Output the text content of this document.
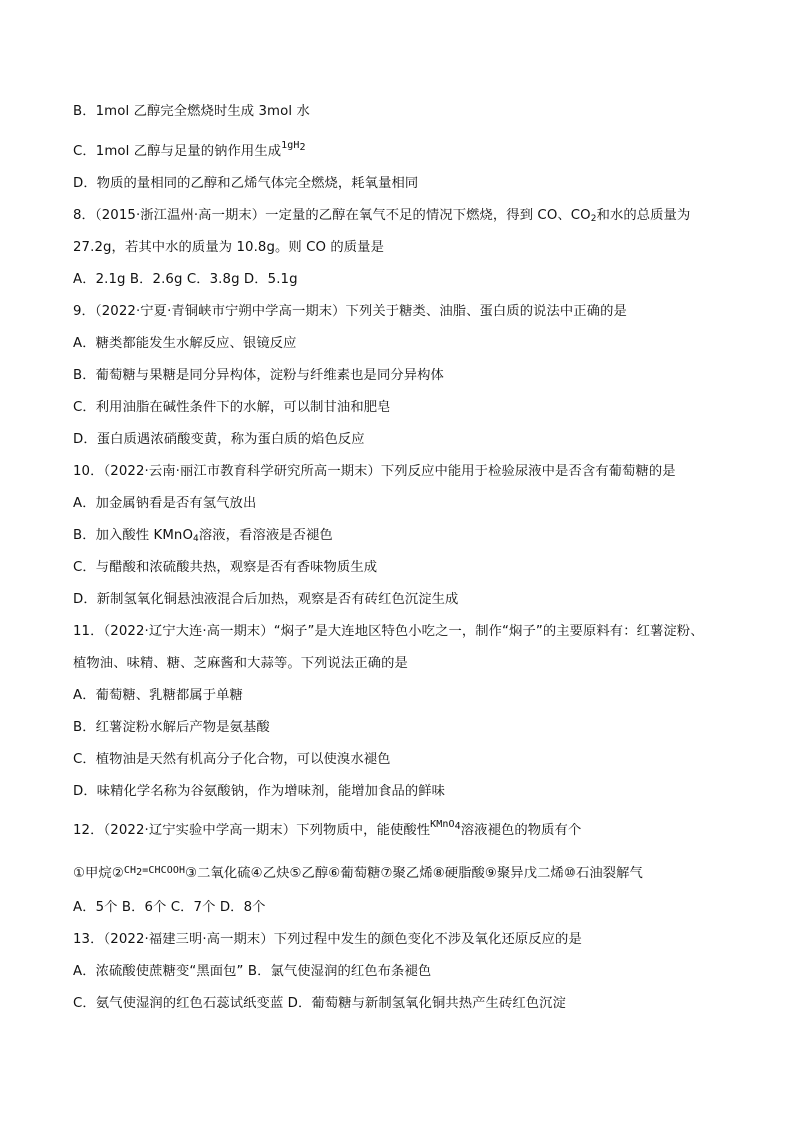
B．1mol 乙醇完全燃烧时生成 3mol 水
C．1mol 乙醇与足量的钠作用生成$1gH_2$
D．物质的量相同的乙醇和乙烯气体完全燃烧，耗氧量相同
8．（2015·浙江温州·高一期末）一定量的乙醇在氧气不足的情况下燃烧，得到 CO、$CO_2$和水的总质量为
27.2g，若其中水的质量为 10.8g。则 CO 的质量是
A．2.1g B．2.6g C．3.8g D．5.1g
9．（2022·宁夏·青铜峡市宁朔中学高一期末）下列关于糖类、油脂、蛋白质的说法中正确的是
A．糖类都能发生水解反应、银镜反应
B．葡萄糖与果糖是同分异构体，淀粉与纤维素也是同分异构体
C．利用油脂在碱性条件下的水解，可以制甘油和肥皂
D．蛋白质遇浓硝酸变黄，称为蛋白质的焰色反应
10．（2022·云南·丽江市教育科学研究所高一期末）下列反应中能用于检验尿液中是否含有葡萄糖的是
A．加金属钠看是否有氢气放出
B．加入酸性 KMnO$_4$溶液，看溶液是否褪色
C．与醋酸和浓硫酸共热，观察是否有香味物质生成
D．新制氢氧化铜悬浊液混合后加热，观察是否有砖红色沉淀生成
11．（2022·辽宁大连·高一期末）“焖子”是大连地区特色小吃之一，制作“焖子”的主要原料有：红薯淀粉、
植物油、味精、糖、芝麻酱和大蒜等。下列说法正确的是
A．葡萄糖、乳糖都属于单糖
B．红薯淀粉水解后产物是氨基酸
C．植物油是天然有机高分子化合物，可以使溴水褪色
D．味精化学名称为谷氨酸钠，作为增味剂，能增加食品的鲜味
12．（2022·辽宁实验中学高一期末）下列物质中，能使酸性KMnO$_4$溶液褪色的物质有个
①甲烷$②CH_2=CHCOOH③$二氧化硫④乙炔⑤乙醇⑥葡萄糖⑦聚乙烯⑧硬脂酸⑨聚异戊二烯⑩石油裂解气
A．5个 B．6个 C．7个 D．8个
13．（2022·福建三明·高一期末）下列过程中发生的颜色变化不涉及氧化还原反应的是
A．浓硫酸使蔗糖变“黑面包” B．氯气使湿润的红色布条褪色
C．氨气使湿润的红色石蕊试纸变蓝 D．葡萄糖与新制氢氧化铜共热产生砖红色沉淀
